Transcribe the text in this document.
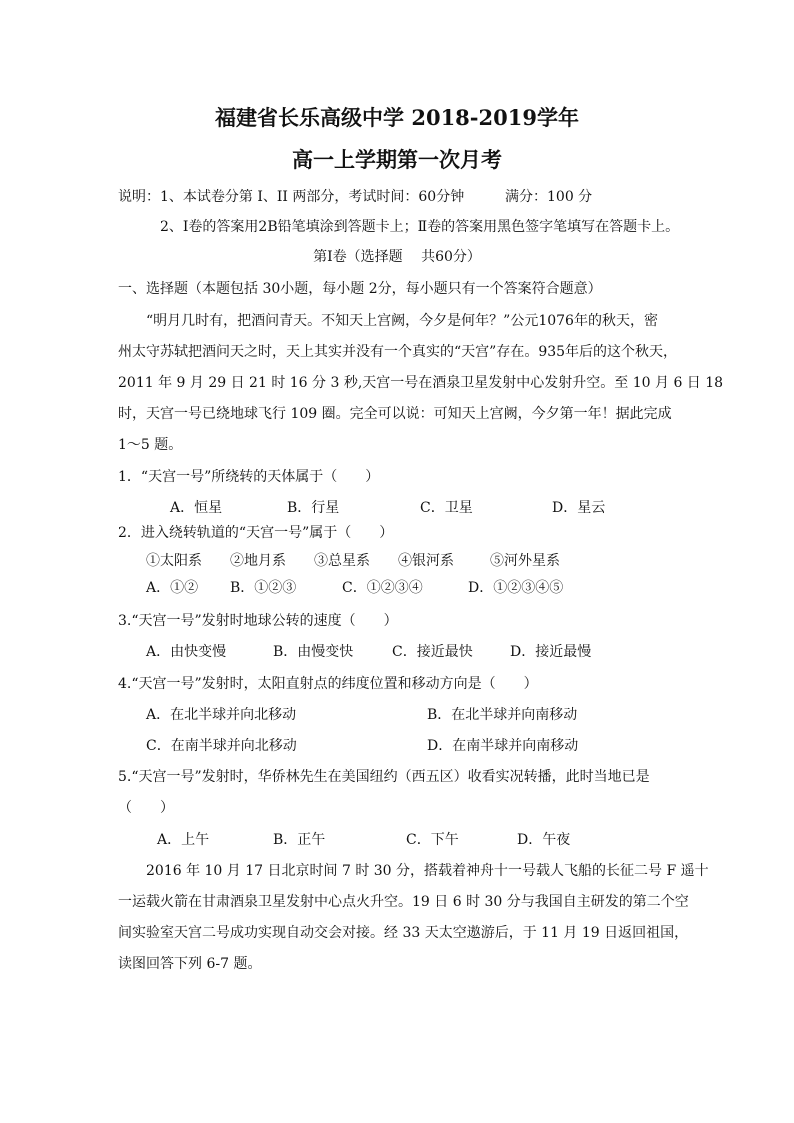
福建省长乐高级中学 2018-2019学年
高一上学期第一次月考
说明：1、本试卷分第 I、II 两部分，考试时间：60分钟	满分：100 分
2、Ⅰ卷的答案用2B铅笔填涂到答题卡上；Ⅱ卷的答案用黑色签字笔填写在答题卡上。
第Ⅰ卷（选择题　 共60分）
一、选择题（本题包括 30小题，每小题 2分，每小题只有一个答案符合题意）
“明月几时有，把酒问青天。不知天上宫阙，今夕是何年？”公元1076年的秋天，密
州太守苏轼把酒问天之时，天上其实并没有一个真实的“天宫”存在。935年后的这个秋天，
2011 年 9 月 29 日 21 时 16 分 3 秒,天宫一号在酒泉卫星发射中心发射升空。至 10 月 6 日 18
时，天宫一号已绕地球飞行 109 圈。完全可以说：可知天上宫阙，今夕第一年！据此完成
1～5 题。
1．“天宫一号”所绕转的天体属于（　　）
A．恒星	B．行星	C．卫星	D．星云
2．进入绕转轨道的“天宫一号”属于（　　）
①太阳系 ②地月系 ③总星系 ④银河系	⑤河外星系
A．①② B．①②③	C．①②③④	D．①②③④⑤
3.“天宫一号”发射时地球公转的速度（　　）
A．由快变慢	B．由慢变快	C．接近最快	D．接近最慢
4.“天宫一号”发射时，太阳直射点的纬度位置和移动方向是（　　）
A．在北半球并向北移动	B．在北半球并向南移动
C．在南半球并向北移动	D．在南半球并向南移动
5.“天宫一号”发射时，华侨林先生在美国纽约（西五区）收看实况转播，此时当地已是
（　　）
A．上午	B．正午	C．下午	D．午夜
2016 年 10 月 17 日北京时间 7 时 30 分，搭载着神舟十一号载人飞船的长征二号 F 遥十
一运载火箭在甘肃酒泉卫星发射中心点火升空。19 日 6 时 30 分与我国自主研发的第二个空
间实验室天宫二号成功实现自动交会对接。经 33 天太空遨游后，于 11 月 19 日返回祖国，
读图回答下列 6-7 题。
